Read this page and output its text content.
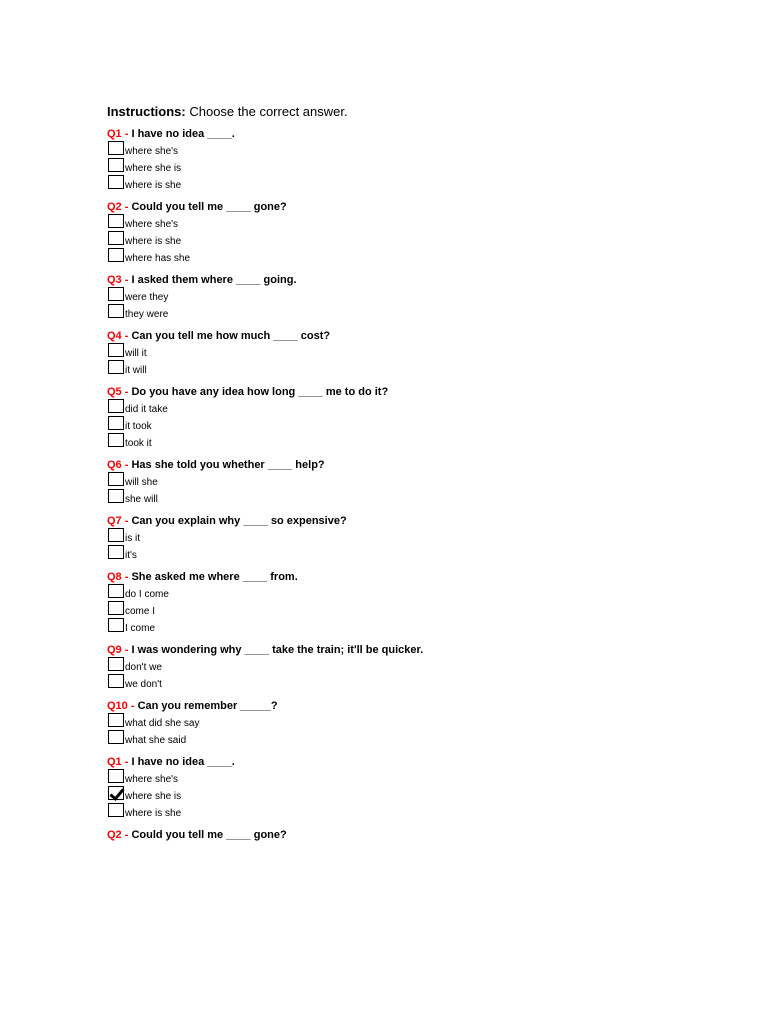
Instructions: Choose the correct answer.
Q1 - I have no idea ____.
where she's
where she is
where is she
Q2 - Could you tell me ____ gone?
where she's
where is she
where has she
Q3 - I asked them where ____ going.
were they
they were
Q4 - Can you tell me how much ____ cost?
will it
it will
Q5 - Do you have any idea how long ____ me to do it?
did it take
it took
took it
Q6 - Has she told you whether ____ help?
will she
she will
Q7 - Can you explain why ____ so expensive?
is it
it's
Q8 - She asked me where ____ from.
do I come
come I
I come
Q9 - I was wondering why ____ take the train; it'll be quicker.
don't we
we don't
Q10 - Can you remember _____?
what did she say
what she said
Q1 - I have no idea ____.
where she's
where she is
where is she
Q2 - Could you tell me ____ gone?
